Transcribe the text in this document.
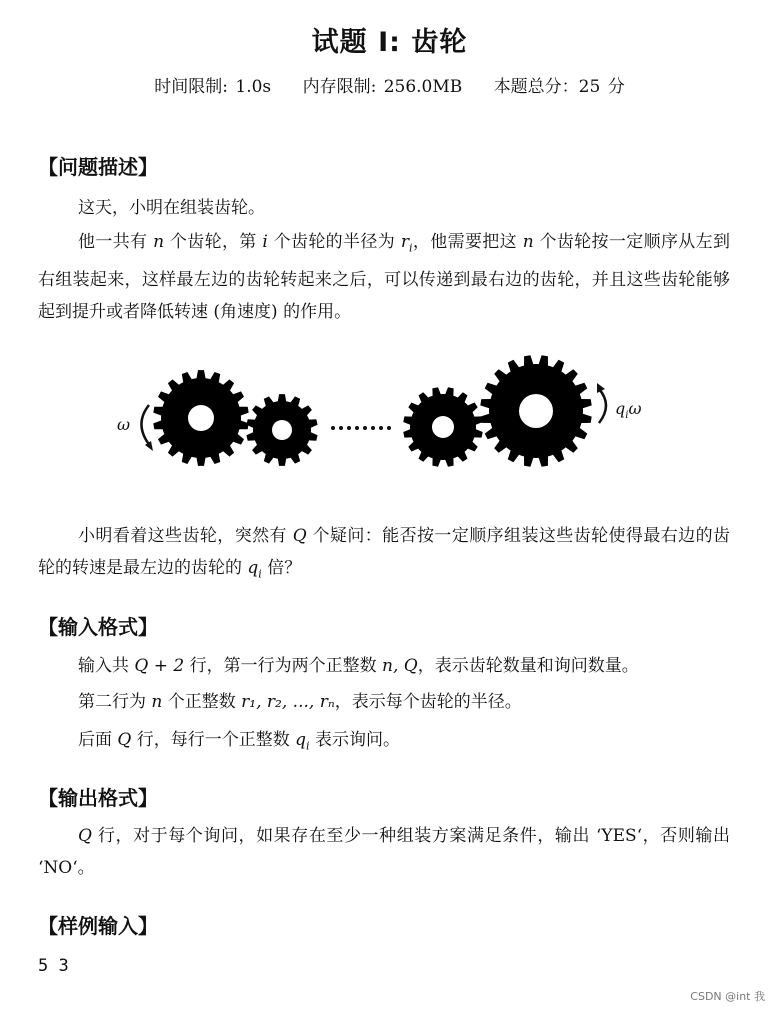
试题 I: 齿轮
时间限制: 1.0s 内存限制: 256.0MB 本题总分：25 分
【问题描述】
这天，小明在组装齿轮。
他一共有 n 个齿轮，第 i 个齿轮的半径为 $r_i$，他需要把这 n 个齿轮按一定顺序从左到右组装起来，这样最左边的齿轮转起来之后，可以传递到最右边的齿轮，并且这些齿轮能够起到提升或者降低转速 (角速度) 的作用。
ω
$q_i\omega$
小明看着这些齿轮，突然有 Q 个疑问：能否按一定顺序组装这些齿轮使得最右边的齿轮的转速是最左边的齿轮的 $q_i$ 倍？
【输入格式】
输入共 Q + 2 行，第一行为两个正整数 n, Q，表示齿轮数量和询问数量。
第二行为 n 个正整数 r₁, r₂, ..., rₙ，表示每个齿轮的半径。
后面 Q 行，每行一个正整数 $q_i$ 表示询问。
【输出格式】
Q 行，对于每个询问，如果存在至少一种组装方案满足条件，输出 ‘YES‘，否则输出 ‘NO‘。
【样例输入】
5 3
CSDN @int 我
